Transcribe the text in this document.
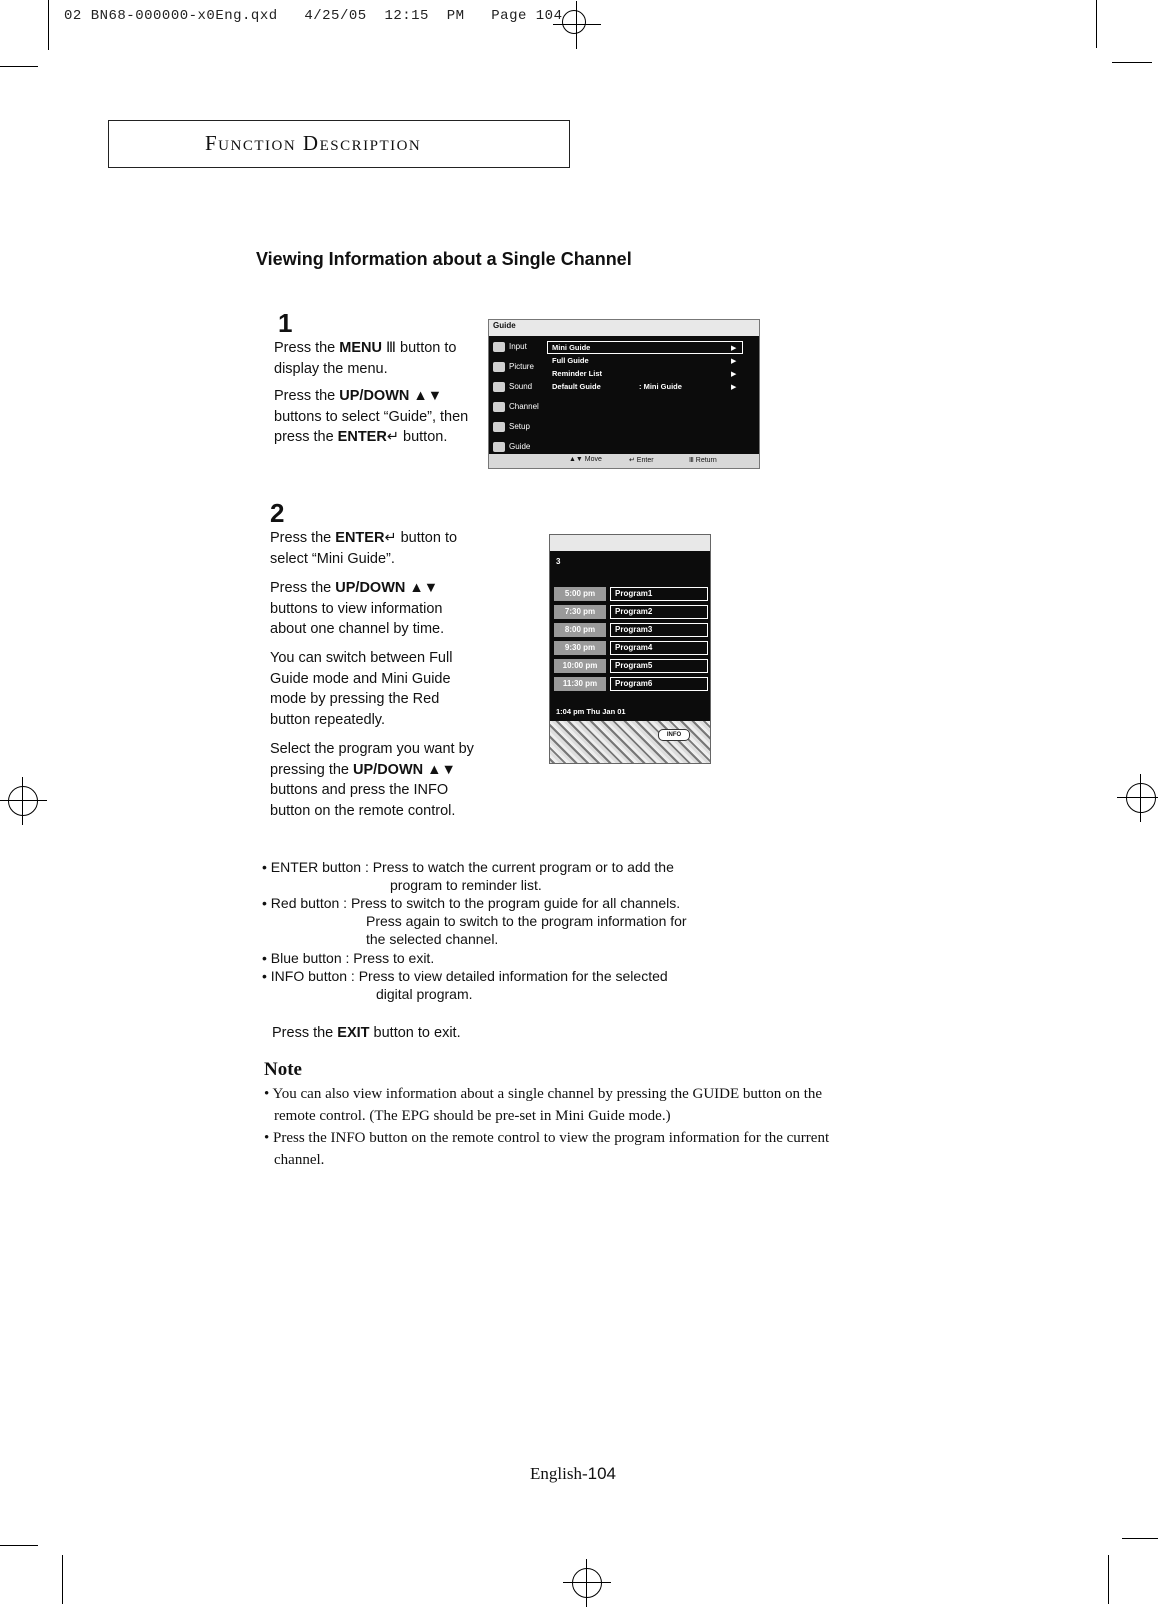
02 BN68-000000-x0Eng.qxd   4/25/05  12:15  PM   Page 104
Function Description
Viewing Information about a Single Channel
1
Press the MENU Ⅲ button to display the menu.
Press the UP/DOWN ▲▼ buttons to select “Guide”, then press the ENTER↵ button.
Guide
Input
Picture
Sound
Channel
Setup
Guide
Mini Guide
Full Guide
Reminder List
Default Guide	: Mini Guide
▶
▶
▶
▶
▲▼ Move	↵ Enter	Ⅲ Return
2
Press the ENTER↵ button to select “Mini Guide”.
Press the UP/DOWN ▲▼ buttons to view information about one channel by time.
You can switch between Full Guide mode and Mini Guide mode by pressing the Red button repeatedly.
Select the program you want by pressing the UP/DOWN ▲▼ buttons and press the INFO button on the remote control.
3
5:00 pm	Program1
7:30 pm	Program2
8:00 pm	Program3
9:30 pm	Program4
10:00 pm	Program5
11:30 pm	Program6
1:04 pm Thu Jan 01
INFO
• ENTER button : Press to watch the current program or to add the
program to reminder list.
• Red button : Press to switch to the program guide for all channels.
Press again to switch to the program information for
the selected channel.
• Blue button : Press to exit.
• INFO button : Press to view detailed information for the selected
digital program.
Press the EXIT button to exit.
Note
• You can also view information about a single channel by pressing the GUIDE button on the
remote control. (The EPG should be pre-set in Mini Guide mode.)
• Press the INFO button on the remote control to view the program information for the current
channel.
English-104
